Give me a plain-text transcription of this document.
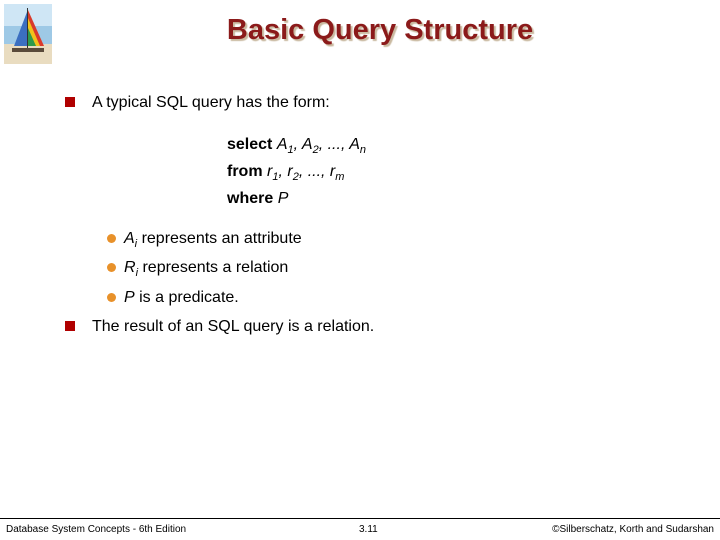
Basic Query Structure
A typical SQL query has the form:
select $A_1$, $A_2$, ..., $A_n$
from $r_1$, $r_2$, ..., $r_m$
where P
$A_i$ represents an attribute
$R_i$ represents a relation
P is a predicate.
The result of an SQL query is a relation.
Database System Concepts - 6th Edition	3.11	©Silberschatz, Korth and Sudarshan
